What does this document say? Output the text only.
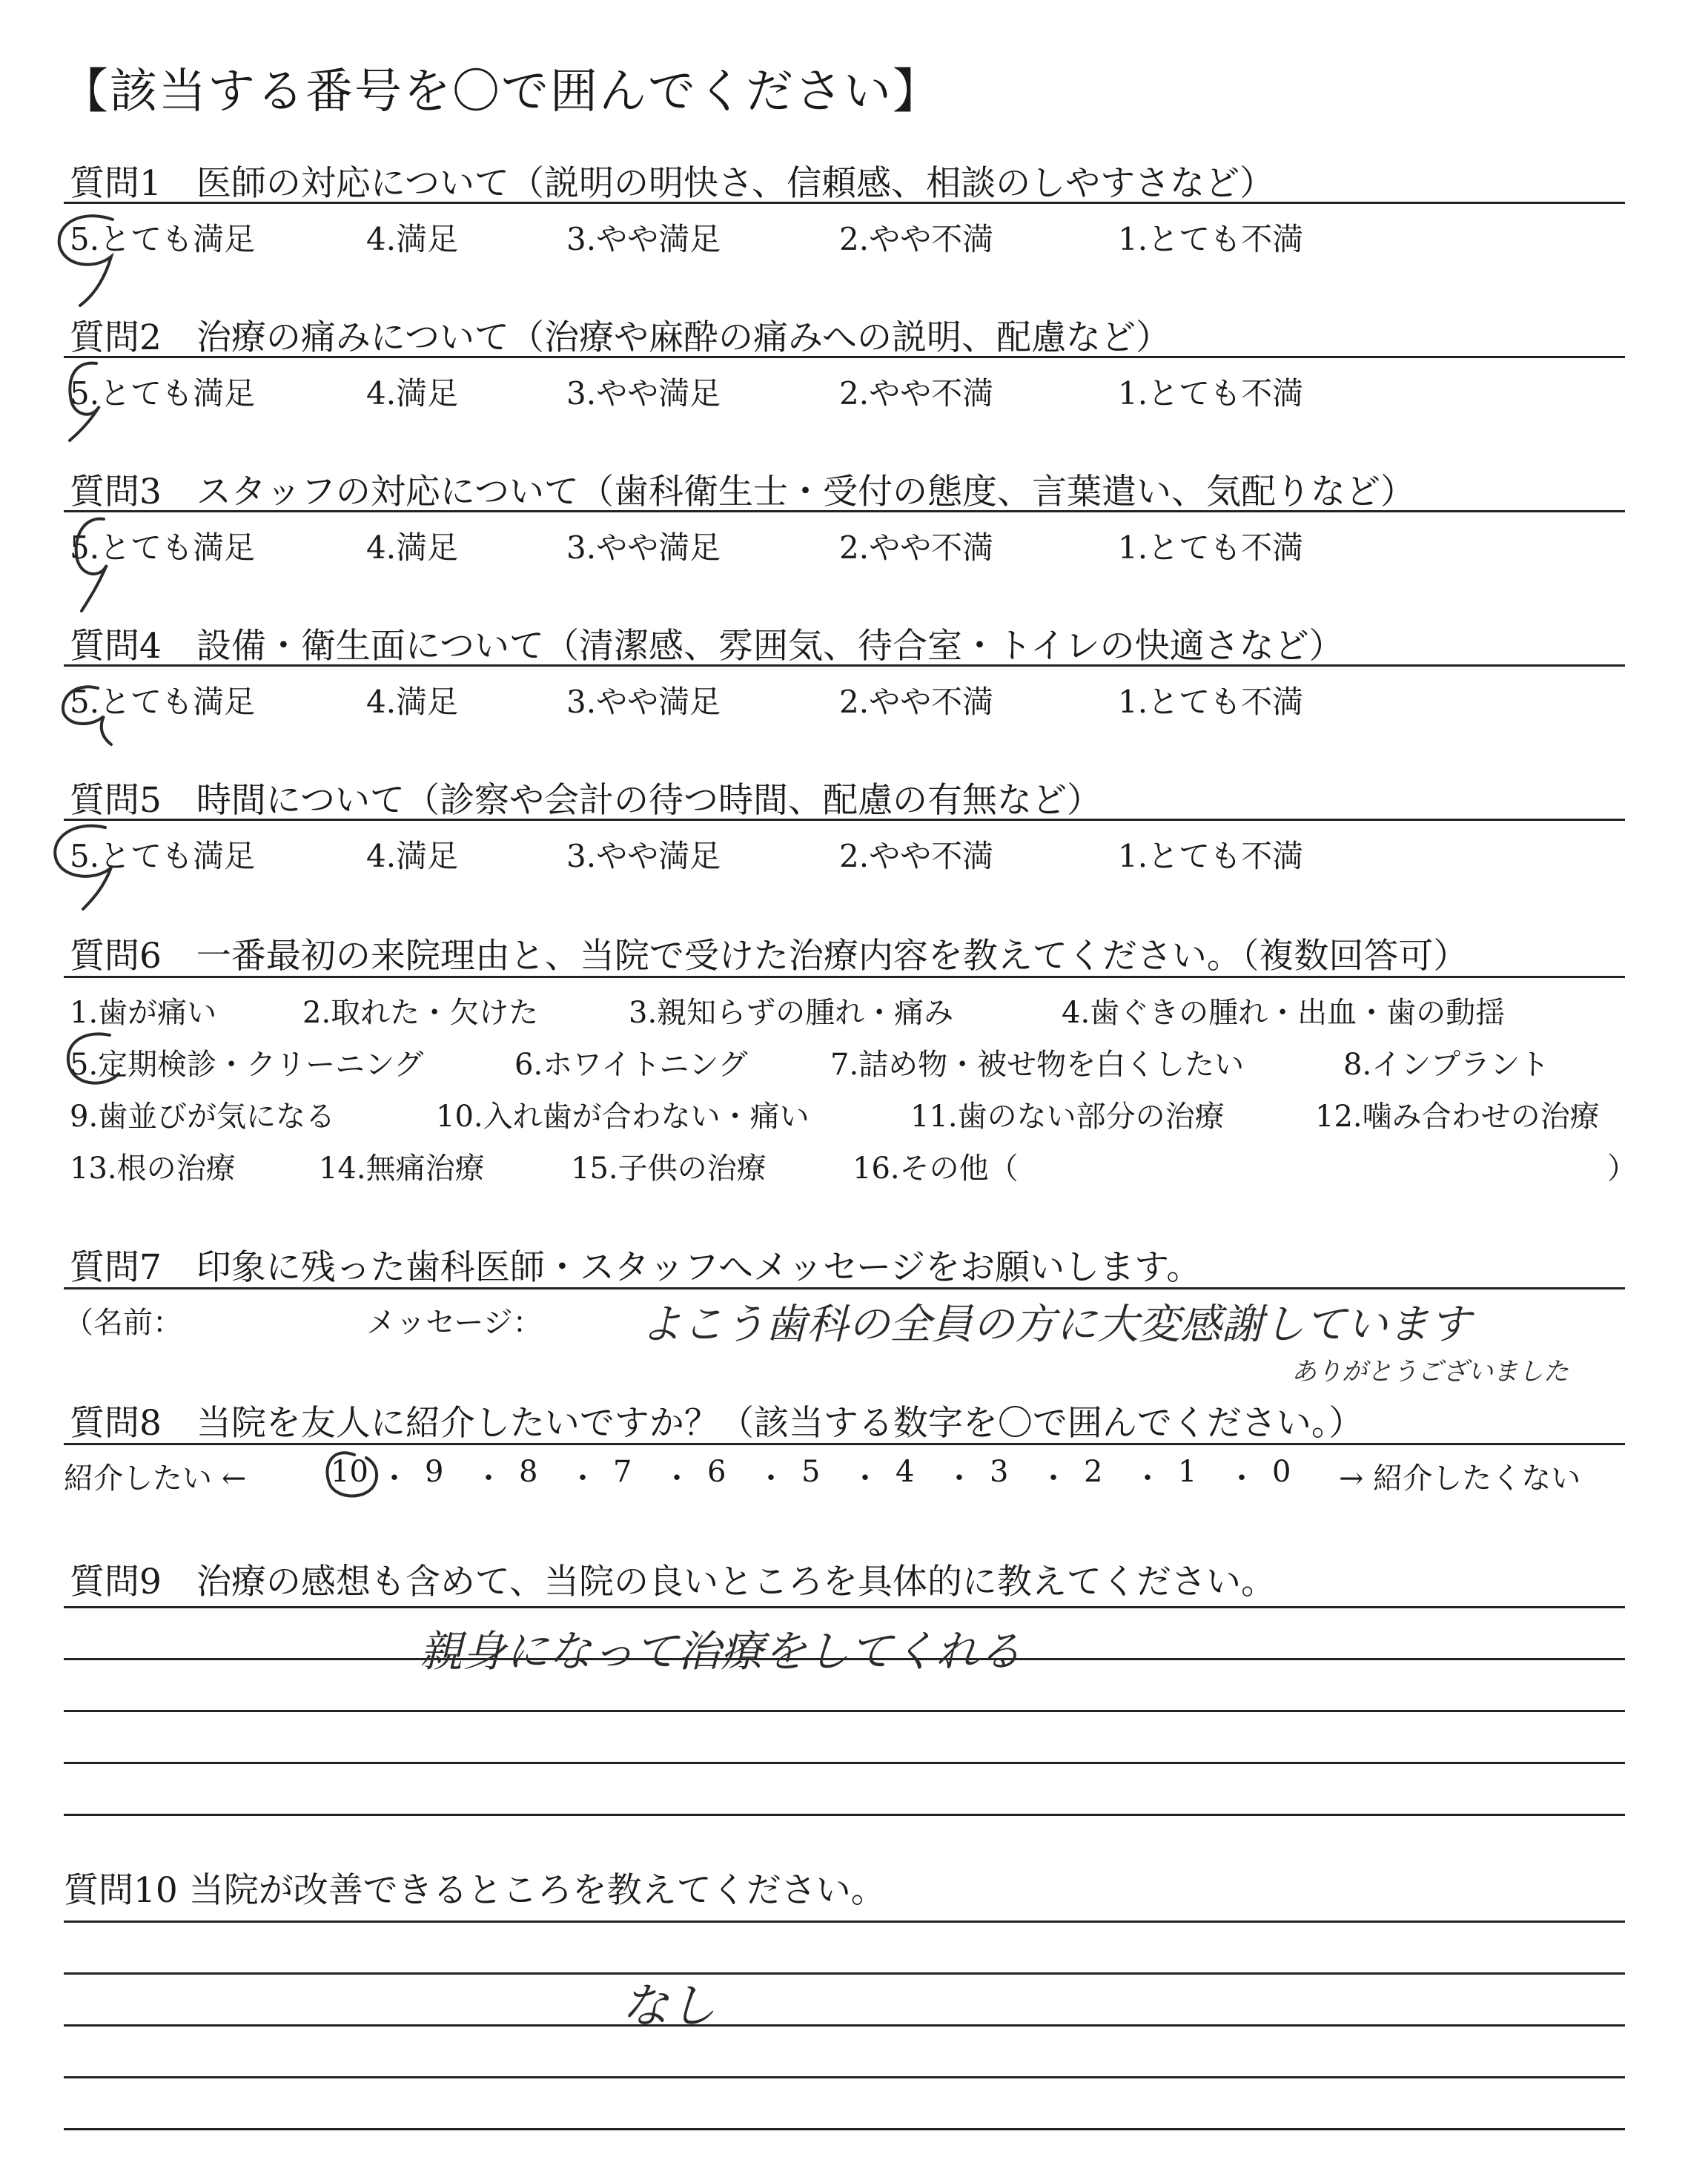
【該当する番号を〇で囲んでください】
質問1　医師の対応について（説明の明快さ、信頼感、相談のしやすさなど）
5.とても満足	4.満足	3.やや満足	2.やや不満	1.とても不満
質問2　治療の痛みについて（治療や麻酔の痛みへの説明、配慮など）
5.とても満足	4.満足	3.やや満足	2.やや不満	1.とても不満
質問3　スタッフの対応について（歯科衛生士・受付の態度、言葉遣い、気配りなど）
5.とても満足	4.満足	3.やや満足	2.やや不満	1.とても不満
質問4　設備・衛生面について（清潔感、雰囲気、待合室・トイレの快適さなど）
5.とても満足	4.満足	3.やや満足	2.やや不満	1.とても不満
質問5　時間について（診察や会計の待つ時間、配慮の有無など）
5.とても満足	4.満足	3.やや満足	2.やや不満	1.とても不満
質問6　一番最初の来院理由と、当院で受けた治療内容を教えてください。（複数回答可）
1.歯が痛い	2.取れた・欠けた	3.親知らずの腫れ・痛み	4.歯ぐきの腫れ・出血・歯の動揺
5.定期検診・クリーニング	6.ホワイトニング	7.詰め物・被せ物を白くしたい	8.インプラント
9.歯並びが気になる	10.入れ歯が合わない・痛い	11.歯のない部分の治療	12.噛み合わせの治療
13.根の治療	14.無痛治療	15.子供の治療	16.その他（	）
質問7　印象に残った歯科医師・スタッフへメッセージをお願いします。
（名前：	メッセージ： よこう歯科の全員の方に大変感謝しています
ありがとうございました
質問8　当院を友人に紹介したいですか？（該当する数字を〇で囲んでください。）
紹介したい ←	→ 紹介したくない
10 ・ 9 ・ 8 ・ 7 ・ 6 ・ 5 ・ 4 ・ 3 ・ 2 ・ 1 ・ 0
質問9　治療の感想も含めて、当院の良いところを具体的に教えてください。
親身になって治療をしてくれる
質問10 当院が改善できるところを教えてください。
なし
